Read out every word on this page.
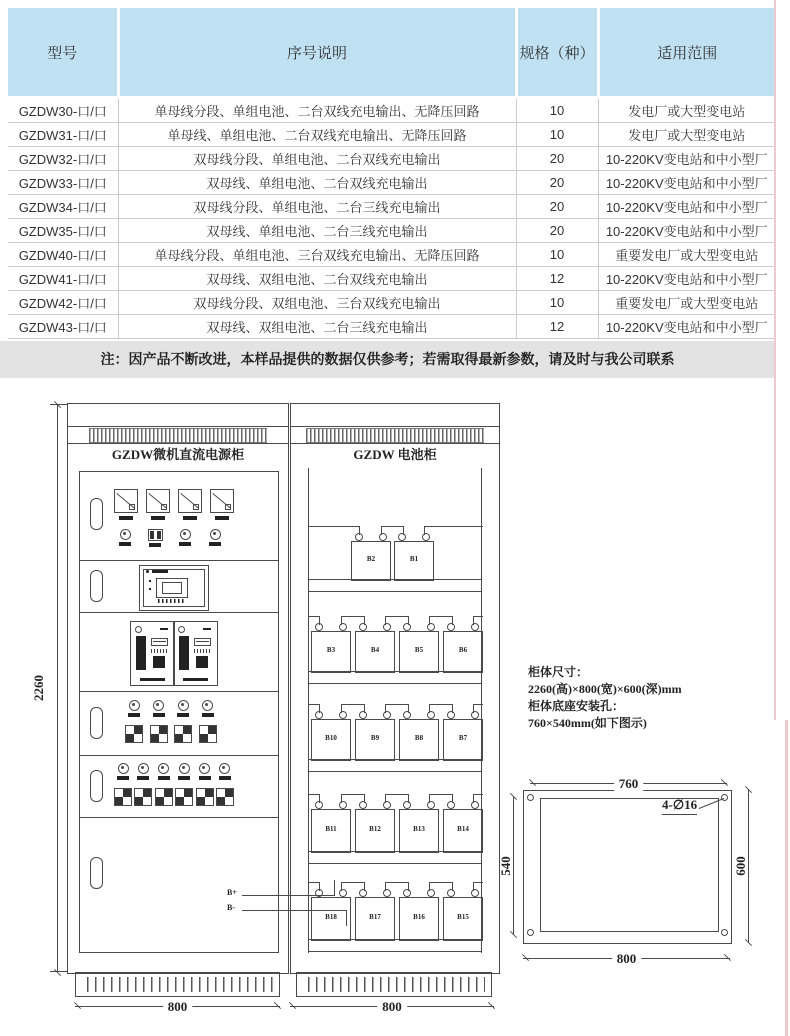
型号	序号说明	规格（种）	适用范围
GZDW30-口/口	单母线分段、单组电池、二台双线充电输出、无降压回路	10	发电厂或大型变电站
GZDW31-口/口	单母线、单组电池、二台双线充电输出、无降压回路	10	发电厂或大型变电站
GZDW32-口/口	双母线分段、单组电池、二台双线充电输出	20	10-220KV变电站和中小型厂
GZDW33-口/口	双母线、单组电池、二台双线充电输出	20	10-220KV变电站和中小型厂
GZDW34-口/口	双母线分段、单组电池、二台三线充电输出	20	10-220KV变电站和中小型厂
GZDW35-口/口	双母线、单组电池、二台三线充电输出	20	10-220KV变电站和中小型厂
GZDW40-口/口	单母线分段、单组电池、三台双线充电输出、无降压回路	10	重要发电厂或大型变电站
GZDW41-口/口	双母线、双组电池、二台双线充电输出	12	10-220KV变电站和中小型厂
GZDW42-口/口	双母线分段、双组电池、三台双线充电输出	10	重要发电厂或大型变电站
GZDW43-口/口	双母线、双组电池、二台三线充电输出	12	10-220KV变电站和中小型厂
注：因产品不断改进，本样品提供的数据仅供参考；若需取得最新参数，请及时与我公司联系
2260
GZDW微机直流电源柜
800
GZDW 电池柜
B2	B1
B3	B4	B5	B6
B10	B9	B8	B7
B11	B12	B13	B14
B18	B17	B16	B15
800
B+
B-
柜体尺寸：
2260(高)×800(宽)×600(深)mm
柜体底座安装孔：
760×540mm(如下图示)
4-∅16
760
800
540	600
